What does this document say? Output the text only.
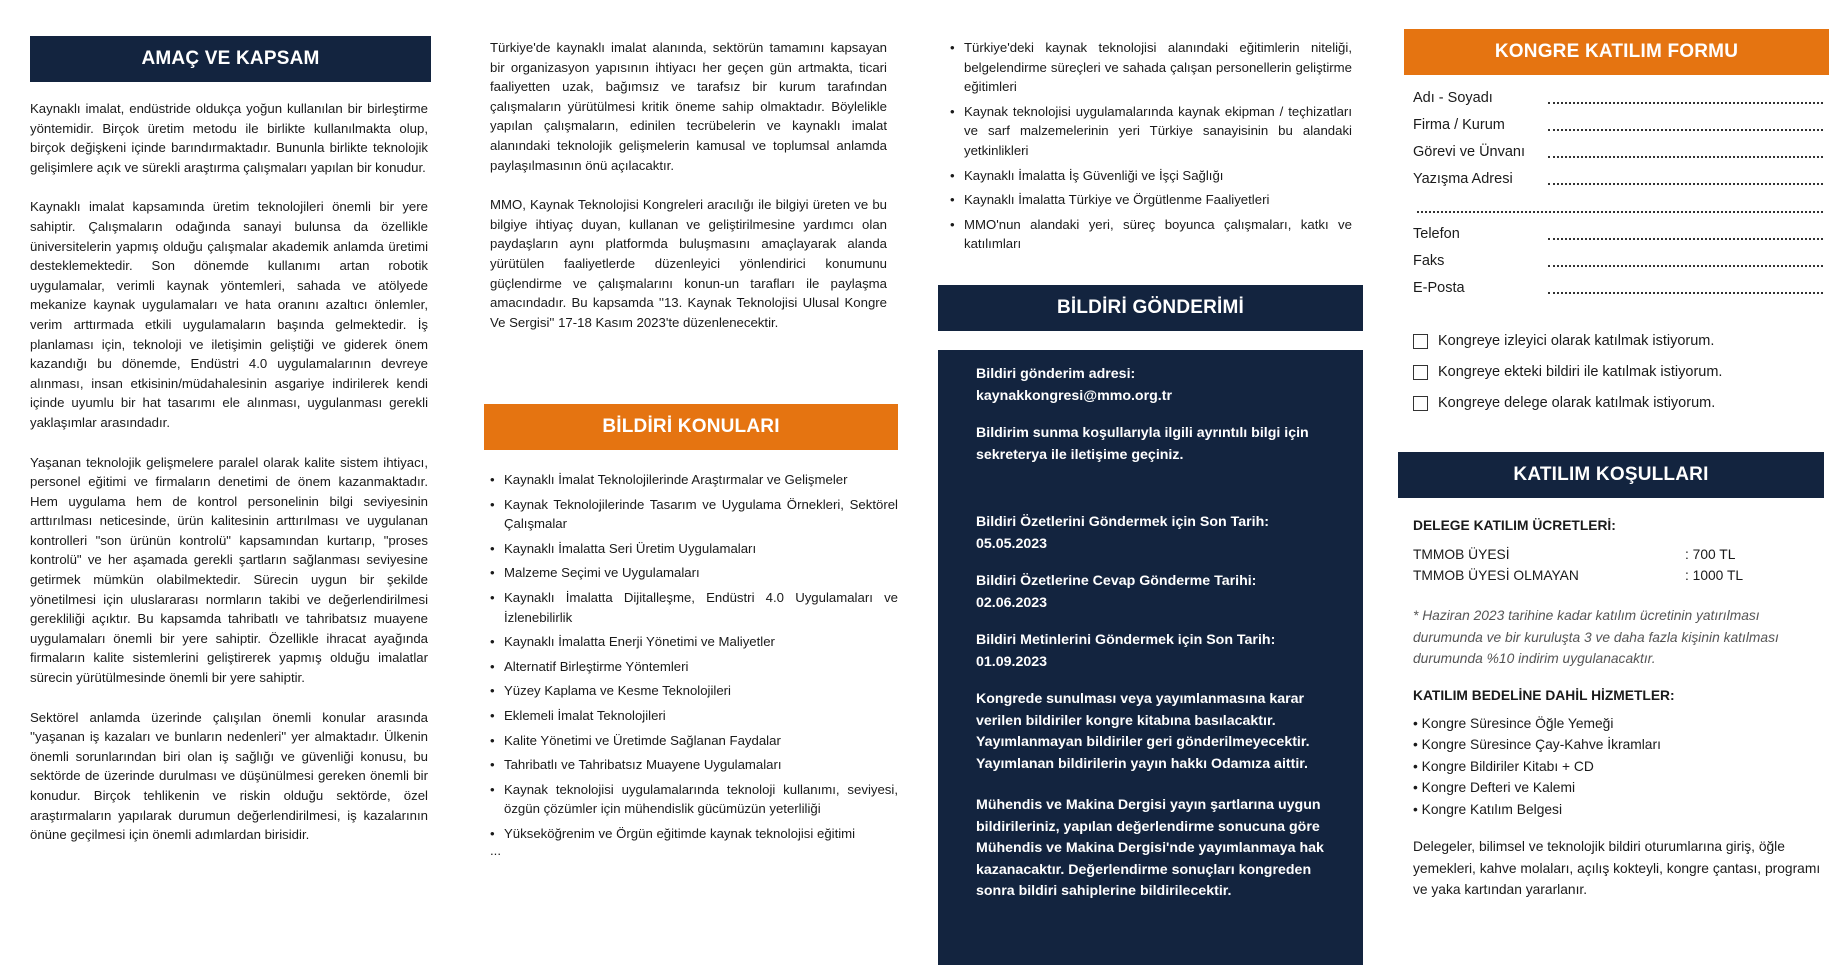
AMAÇ VE KAPSAM

Kaynaklı imalat, endüstride oldukça yoğun kullanılan bir birleştirme yöntemidir. Birçok üretim metodu ile birlikte kullanılmakta olup, birçok değişkeni içinde barındırmaktadır. Bununla birlikte teknolojik gelişimlere açık ve sürekli araştırma çalışmaları yapılan bir konudur.

Kaynaklı imalat kapsamında üretim teknolojileri önemli bir yere sahiptir. Çalışmaların odağında sanayi bulunsa da özellikle üniversitelerin yapmış olduğu çalışmalar akademik anlamda üretimi desteklemektedir. Son dönemde kullanımı artan robotik uygulamalar, verimli kaynak yöntemleri, sahada ve atölyede mekanize kaynak uygulamaları ve hata oranını azaltıcı önlemler, verim arttırmada etkili uygulamaların başında gelmektedir. İş planlaması için, teknoloji ve iletişimin geliştiği ve giderek önem kazandığı bu dönemde, Endüstri 4.0 uygulamalarının devreye alınması, insan etkisinin/müdahalesinin asgariye indirilerek kendi içinde uyumlu bir hat tasarımı ele alınması, uygulanması gerekli yaklaşımlar arasındadır.

Yaşanan teknolojik gelişmelere paralel olarak kalite sistem ihtiyacı, personel eğitimi ve firmaların denetimi de önem kazanmaktadır. Hem uygulama hem de kontrol personelinin bilgi seviyesinin arttırılması neticesinde, ürün kalitesinin arttırılması ve uygulanan kontrolleri "son ürünün kontrolü" kapsamından kurtarıp, "proses kontrolü" ve her aşamada gerekli şartların sağlanması seviyesine getirmek mümkün olabilmektedir. Sürecin uygun bir şekilde yönetilmesi için uluslararası normların takibi ve değerlendirilmesi gerekliliği açıktır. Bu kapsamda tahribatlı ve tahribatsız muayene uygulamaları önemli bir yere sahiptir. Özellikle ihracat ayağında firmaların kalite sistemlerini geliştirerek yapmış olduğu imalatlar sürecin yürütülmesinde önemli bir yere sahiptir.

Sektörel anlamda üzerinde çalışılan önemli konular arasında ''yaşanan iş kazaları ve bunların nedenleri'' yer almaktadır. Ülkenin önemli sorunlarından biri olan iş sağlığı ve güvenliği konusu, bu sektörde de üzerinde durulması ve düşünülmesi gereken önemli bir konudur. Birçok tehlikenin ve riskin olduğu sektörde, özel araştırmaların yapılarak durumun değerlendirilmesi, iş kazalarının önüne geçilmesi için önemli adımlardan birisidir.

Türkiye'de kaynaklı imalat alanında, sektörün tamamını kapsayan bir organizasyon yapısının ihtiyacı her geçen gün artmakta, ticari faaliyetten uzak, bağımsız ve tarafsız bir kurum tarafından çalışmaların yürütülmesi kritik öneme sahip olmaktadır. Böylelikle yapılan çalışmaların, edinilen tecrübelerin ve kaynaklı imalat alanındaki teknolojik gelişmelerin kamusal ve toplumsal anlamda paylaşılmasının önü açılacaktır.

MMO, Kaynak Teknolojisi Kongreleri aracılığı ile bilgiyi üreten ve bu bilgiye ihtiyaç duyan, kullanan ve geliştirilmesine yardımcı olan paydaşların aynı platformda buluşmasını amaçlayarak alanda yürütülen faaliyetlerde düzenleyici yönlendirici konumunu güçlendirme ve çalışmalarını konun-un tarafları ile paylaşma amacındadır. Bu kapsamda ''13. Kaynak Teknolojisi Ulusal Kongre Ve Sergisi'' 17-18 Kasım 2023'te düzenlenecektir.

BİLDİRİ KONULARI
• Kaynaklı İmalat Teknolojilerinde Araştırmalar ve Gelişmeler
• Kaynak Teknolojilerinde Tasarım ve Uygulama Örnekleri, Sektörel Çalışmalar
• Kaynaklı İmalatta Seri Üretim Uygulamaları
• Malzeme Seçimi ve Uygulamaları
• Kaynaklı İmalatta Dijitalleşme, Endüstri 4.0 Uygulamaları ve İzlenebilirlik
• Kaynaklı İmalatta Enerji Yönetimi ve Maliyetler
• Alternatif Birleştirme Yöntemleri
• Yüzey Kaplama ve Kesme Teknolojileri
• Eklemeli İmalat Teknolojileri
• Kalite Yönetimi ve Üretimde Sağlanan Faydalar
• Tahribatlı ve Tahribatsız Muayene Uygulamaları
• Kaynak teknolojisi uygulamalarında teknoloji kullanımı, seviyesi, özgün çözümler için mühendislik gücümüzün yeterliliği
• Yükseköğrenim ve Örgün eğitimde kaynak teknolojisi eğitimi
...
• Türkiye'deki kaynak teknolojisi alanındaki eğitimlerin niteliği, belgelendirme süreçleri ve sahada çalışan personellerin geliştirme eğitimleri
• Kaynak teknolojisi uygulamalarında kaynak ekipman / teçhizatları ve sarf malzemelerinin yeri Türkiye sanayisinin bu alandaki yetkinlikleri
• Kaynaklı İmalatta İş Güvenliği ve İşçi Sağlığı
• Kaynaklı İmalatta Türkiye ve Örgütlenme Faaliyetleri
• MMO'nun alandaki yeri, süreç boyunca çalışmaları, katkı ve katılımları
BİLDİRİ GÖNDERİMİ
Bildiri gönderim adresi:
kaynakkongresi@mmo.org.tr
Bildirim sunma koşullarıyla ilgili ayrıntılı bilgi için sekreterya ile iletişime geçiniz.
Bildiri Özetlerini Göndermek için Son Tarih:
05.05.2023
Bildiri Özetlerine Cevap Gönderme Tarihi:
02.06.2023
Bildiri Metinlerini Göndermek için Son Tarih:
01.09.2023
Kongrede sunulması veya yayımlanmasına karar verilen bildiriler kongre kitabına basılacaktır. Yayımlanmayan bildiriler geri gönderilmeyecektir. Yayımlanan bildirilerin yayın hakkı Odamıza aittir.
Mühendis ve Makina Dergisi yayın şartlarına uygun bildirileriniz, yapılan değerlendirme sonucuna göre Mühendis ve Makina Dergisi'nde yayımlanmaya hak kazanacaktır. Değerlendirme sonuçları kongreden sonra bildiri sahiplerine bildirilecektir.
KONGRE KATILIM FORMU
Adı - Soyadı
Firma / Kurum
Görevi ve Ünvanı
Yazışma Adresi
Telefon
Faks
E-Posta
Kongreye izleyici olarak katılmak istiyorum.
Kongreye ekteki bildiri ile katılmak istiyorum.
Kongreye delege olarak katılmak istiyorum.
KATILIM KOŞULLARI
DELEGE KATILIM ÜCRETLERİ:
TMMOB ÜYESİ	: 700 TL
TMMOB ÜYESİ OLMAYAN	: 1000 TL
* Haziran 2023 tarihine kadar katılım ücretinin yatırılması durumunda ve bir kuruluşta 3 ve daha fazla kişinin katılması durumunda %10 indirim uygulanacaktır.
KATILIM BEDELİNE DAHİL HİZMETLER:
• Kongre Süresince Öğle Yemeği
• Kongre Süresince Çay-Kahve İkramları
• Kongre Bildiriler Kitabı + CD
• Kongre Defteri ve Kalemi
• Kongre Katılım Belgesi
Delegeler, bilimsel ve teknolojik bildiri oturumlarına giriş, öğle yemekleri, kahve molaları, açılış kokteyli, kongre çantası, programı ve yaka kartından yararlanır.
